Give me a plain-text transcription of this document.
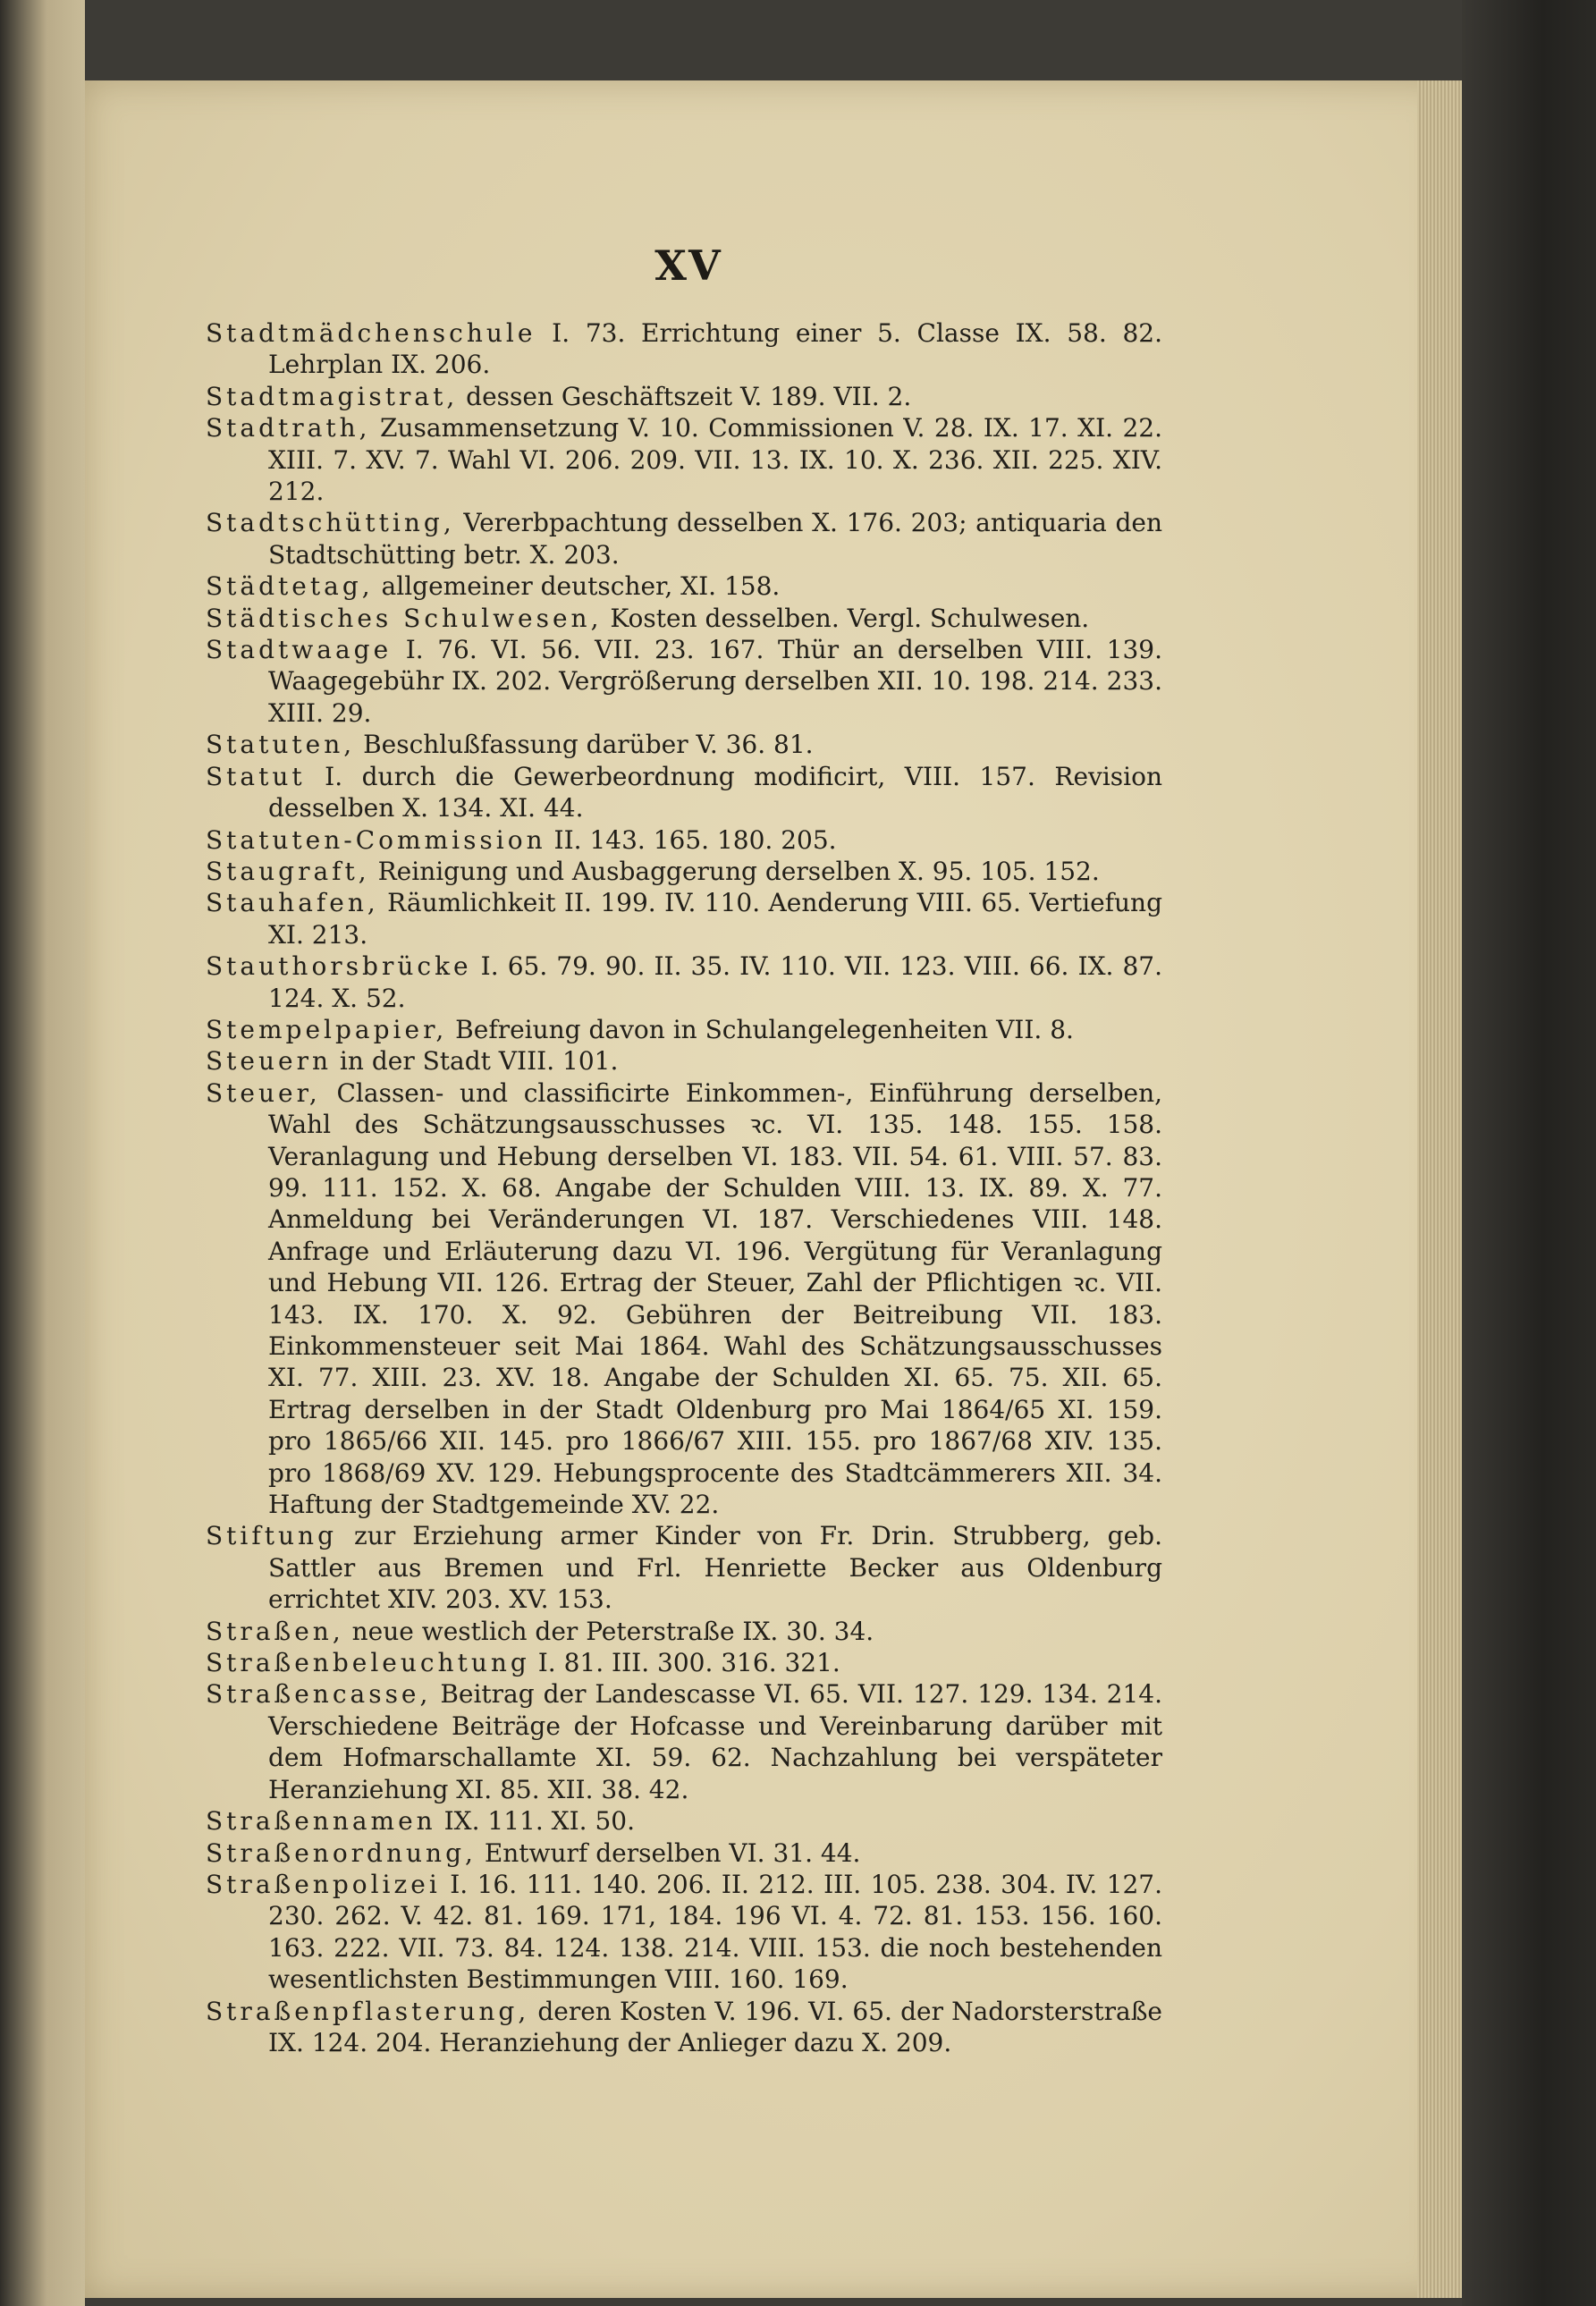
XV
Stadtmädchenschule I. 73. Errichtung einer 5. Classe IX. 58. 82. Lehrplan IX. 206.
Stadtmagistrat, dessen Geschäftszeit V. 189. VII. 2.
Stadtrath, Zusammensetzung V. 10. Commissionen V. 28. IX. 17. XI. 22. XIII. 7. XV. 7. Wahl VI. 206. 209. VII. 13. IX. 10. X. 236. XII. 225. XIV. 212.
Stadtschütting, Vererbpachtung desselben X. 176. 203; antiquaria den Stadtschütting betr. X. 203.
Städtetag, allgemeiner deutscher, XI. 158.
Städtisches Schulwesen, Kosten desselben. Vergl. Schulwesen.
Stadtwaage I. 76. VI. 56. VII. 23. 167. Thür an derselben VIII. 139. Waagegebühr IX. 202. Vergrößerung derselben XII. 10. 198. 214. 233. XIII. 29.
Statuten, Beschlußfassung darüber V. 36. 81.
Statut I. durch die Gewerbeordnung modificirt, VIII. 157. Revision desselben X. 134. XI. 44.
Statuten-Commission II. 143. 165. 180. 205.
Staugraft, Reinigung und Ausbaggerung derselben X. 95. 105. 152.
Stauhafen, Räumlichkeit II. 199. IV. 110. Aenderung VIII. 65. Vertiefung XI. 213.
Stauthorsbrücke I. 65. 79. 90. II. 35. IV. 110. VII. 123. VIII. 66. IX. 87. 124. X. 52.
Stempelpapier, Befreiung davon in Schulangelegenheiten VII. 8.
Steuern in der Stadt VIII. 101.
Steuer, Classen- und classificirte Einkommen-, Einführung derselben, Wahl des Schätzungsausschusses ꝛc. VI. 135. 148. 155. 158. Veranlagung und Hebung derselben VI. 183. VII. 54. 61. VIII. 57. 83. 99. 111. 152. X. 68. Angabe der Schulden VIII. 13. IX. 89. X. 77. Anmeldung bei Veränderungen VI. 187. Verschiedenes VIII. 148. Anfrage und Erläuterung dazu VI. 196. Vergütung für Veranlagung und Hebung VII. 126. Ertrag der Steuer, Zahl der Pflichtigen ꝛc. VII. 143. IX. 170. X. 92. Gebühren der Beitreibung VII. 183. Einkommensteuer seit Mai 1864. Wahl des Schätzungsausschusses XI. 77. XIII. 23. XV. 18. Angabe der Schulden XI. 65. 75. XII. 65. Ertrag derselben in der Stadt Oldenburg pro Mai 1864/65 XI. 159. pro 1865/66 XII. 145. pro 1866/67 XIII. 155. pro 1867/68 XIV. 135. pro 1868/69 XV. 129. Hebungsprocente des Stadtcämmerers XII. 34. Haftung der Stadtgemeinde XV. 22.
Stiftung zur Erziehung armer Kinder von Fr. Drin. Strubberg, geb. Sattler aus Bremen und Frl. Henriette Becker aus Oldenburg errichtet XIV. 203. XV. 153.
Straßen, neue westlich der Peterstraße IX. 30. 34.
Straßenbeleuchtung I. 81. III. 300. 316. 321.
Straßencasse, Beitrag der Landescasse VI. 65. VII. 127. 129. 134. 214. Verschiedene Beiträge der Hofcasse und Vereinbarung darüber mit dem Hofmarschallamte XI. 59. 62. Nachzahlung bei verspäteter Heranziehung XI. 85. XII. 38. 42.
Straßennamen IX. 111. XI. 50.
Straßenordnung, Entwurf derselben VI. 31. 44.
Straßenpolizei I. 16. 111. 140. 206. II. 212. III. 105. 238. 304. IV. 127. 230. 262. V. 42. 81. 169. 171, 184. 196 VI. 4. 72. 81. 153. 156. 160. 163. 222. VII. 73. 84. 124. 138. 214. VIII. 153. die noch bestehenden wesentlichsten Bestimmungen VIII. 160. 169.
Straßenpflasterung, deren Kosten V. 196. VI. 65. der Nadorsterstraße IX. 124. 204. Heranziehung der Anlieger dazu X. 209.
